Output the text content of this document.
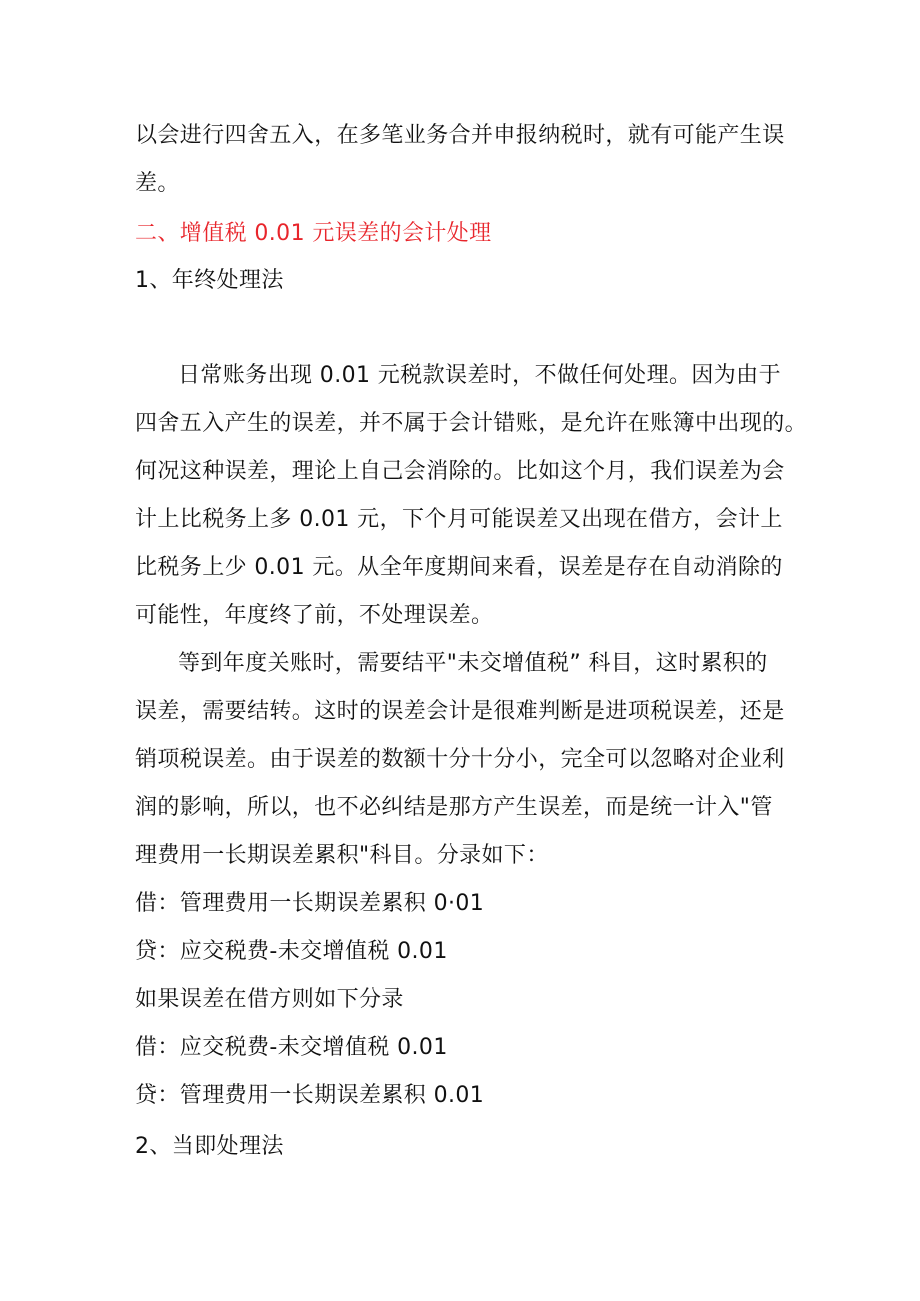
以会进行四舍五入，在多笔业务合并申报纳税时，就有可能产生误
差。
二、增值税 0.01 元误差的会计处理
1、年终处理法
日常账务出现 0.01 元税款误差时，不做任何处理。因为由于
四舍五入产生的误差，并不属于会计错账，是允许在账簿中出现的。
何况这种误差，理论上自己会消除的。比如这个月，我们误差为会
计上比税务上多 0.01 元，下个月可能误差又出现在借方，会计上
比税务上少 0.01 元。从全年度期间来看，误差是存在自动消除的
可能性，年度终了前，不处理误差。
等到年度关账时，需要结平"未交增值税” 科目，这时累积的
误差，需要结转。这时的误差会计是很难判断是进项税误差，还是
销项税误差。由于误差的数额十分十分小，完全可以忽略对企业利
润的影响，所以，也不必纠结是那方产生误差，而是统一计入"管
理费用一长期误差累积"科目。分录如下：
借：管理费用一长期误差累积 0·01
贷：应交税费-未交增值税 0.01
如果误差在借方则如下分录
借：应交税费-未交增值税 0.01
贷：管理费用一长期误差累积 0.01
2、当即处理法
